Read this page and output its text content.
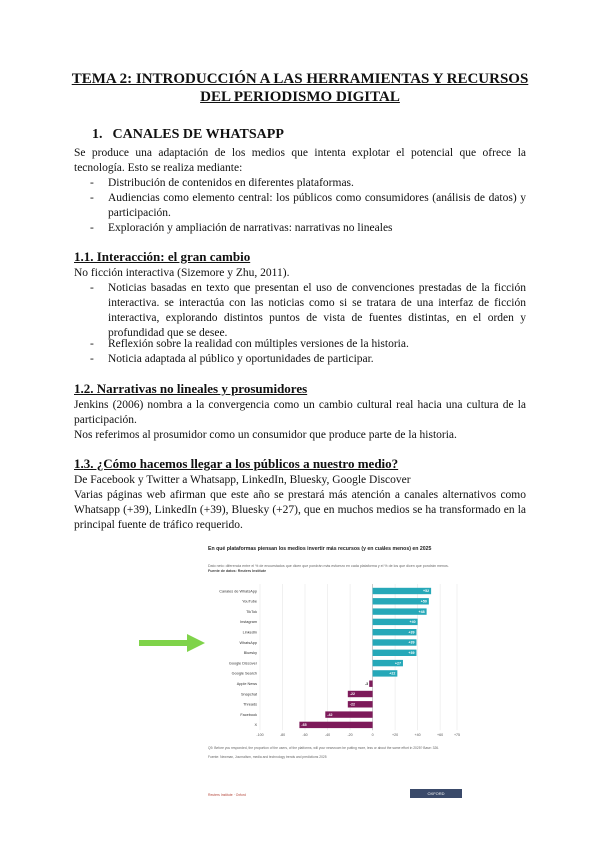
TEMA 2: INTRODUCCIÓN A LAS HERRAMIENTAS Y RECURSOS
DEL PERIODISMO DIGITAL
1. CANALES DE WHATSAPP
Se produce una adaptación de los medios que intenta explotar el potencial que ofrece la tecnología. Esto se realiza mediante:
- Distribución de contenidos en diferentes plataformas.
- Audiencias como elemento central: los públicos como consumidores (análisis de datos) y participación.
- Exploración y ampliación de narrativas: narrativas no lineales
1.1. Interacción: el gran cambio
No ficción interactiva (Sizemore y Zhu, 2011).
- Noticias basadas en texto que presentan el uso de convenciones prestadas de la ficción interactiva. se interactúa con las noticias como si se tratara de una interfaz de ficción interactiva, explorando distintos puntos de vista de fuentes distintas, en el orden y profundidad que se desee.
- Reflexión sobre la realidad con múltiples versiones de la historia.
- Noticia adaptada al público y oportunidades de participar.
1.2. Narrativas no lineales y prosumidores
Jenkins (2006) nombra a la convergencia como un cambio cultural real hacia una cultura de la participación.
Nos referimos al prosumidor como un consumidor que produce parte de la historia.
1.3. ¿Cómo hacemos llegar a los públicos a nuestro medio?
De Facebook y Twitter a Whatsapp, LinkedIn, Bluesky, Google Discover
Varias páginas web afirman que este año se prestará más atención a canales alternativos como Whatsapp (+39), LinkedIn (+39), Bluesky (+27), que en muchos medios se ha transformado en la principal fuente de tráfico requerido.
En qué plataformas piensan los medios invertir más recursos (y en cuáles menos) en 2025
Dato neto: diferencia entre el % de encuestados que dicen que pondrán más esfuerzo en cada plataforma y el % de los que dicen que pondrán menos. Fuente de datos: Reuters Institute
-100	-80	-60	-40	-20	0	+20	+40	+60	+75
Canales de WhatsApp	+52
YouTube	+50
TikTok	+48
Instagram	+40
LinkedIn	+39
WhatsApp	+39
Bluesky	+39
Google Discover	+27
Google Search	+22
Apple News	-3
Snapchat	-22
Threads	-22
Facebook	-42
X	-65
Q9. Before you responded, the proportion of the users, of the platforms, will your newsroom be putting more, less or about the same effort in 2025? Base: 326.
Fuente: Newman, Journalism, media and technology trends and predictions 2025
Reuters Institute · Oxford	OXFORD
